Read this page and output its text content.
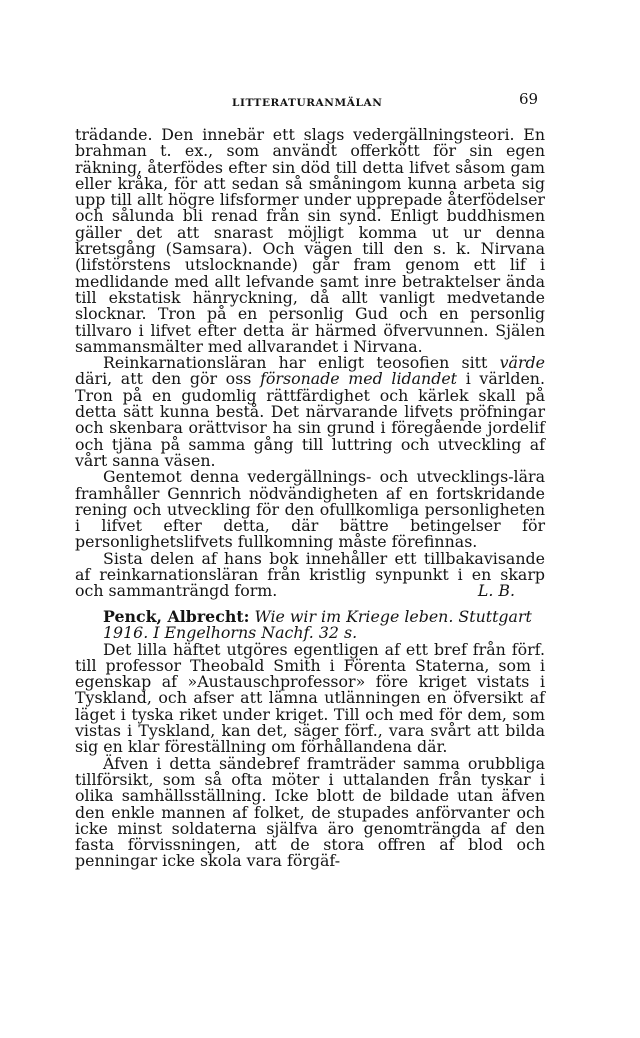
LITTERATURANMÄLAN	69

trädande. Den innebär ett slags vedergällningsteori. En brahman t. ex., som användt offerkött för sin egen räkning, återfödes efter sin död till detta lifvet såsom gam eller kråka, för att sedan så småningom kunna arbeta sig upp till allt högre lifsformer under upprepade återfödelser och sålunda bli renad från sin synd. Enligt buddhismen gäller det att snarast möjligt komma ut ur denna kretsgång (Samsara). Och vägen till den s. k. Nirvana (lifstörstens utslocknande) går fram genom ett lif i medlidande med allt lefvande samt inre betraktelser ända till ekstatisk hänryckning, då allt vanligt medvetande slocknar. Tron på en personlig Gud och en personlig tillvaro i lifvet efter detta är härmed öfvervunnen. Själen sammansmälter med allvarandet i Nirvana.

Reinkarnationsläran har enligt teosofien sitt värde däri, att den gör oss försonade med lidandet i världen. Tron på en gudomlig rättfärdighet och kärlek skall på detta sätt kunna bestå. Det närvarande lifvets pröfningar och skenbara orättvisor ha sin grund i föregående jordelif och tjäna på samma gång till luttring och utveckling af vårt sanna väsen.

Gentemot denna vedergällnings- och utvecklings-lära framhåller Gennrich nödvändigheten af en fortskridande rening och utveckling för den ofullkomliga personligheten i lifvet efter detta, där bättre betingelser för personlighetslifvets fullkomning måste förefinnas.

Sista delen af hans bok innehåller ett tillbakavisande af reinkarnationsläran från kristlig synpunkt i en skarp och sammanträngd form.	L. B.

Penck, Albrecht: Wie wir im Kriege leben. Stuttgart

1916. I Engelhorns Nachf. 32 s.

Det lilla häftet utgöres egentligen af ett bref från förf. till professor Theobald Smith i Förenta Staterna, som i egenskap af »Austauschprofessor» före kriget vistats i Tyskland, och afser att lämna utlänningen en öfversikt af läget i tyska riket under kriget. Till och med för dem, som vistas i Tyskland, kan det, säger förf., vara svårt att bilda sig en klar föreställning om förhållandena där.

Äfven i detta sändebref framträder samma orubbliga tillförsikt, som så ofta möter i uttalanden från tyskar i olika samhällsställning. Icke blott de bildade utan äfven den enkle mannen af folket, de stupades anförvanter och icke minst soldaterna själfva äro genomträngda af den fasta förvissningen, att de stora offren af blod och penningar icke skola vara förgäf-
